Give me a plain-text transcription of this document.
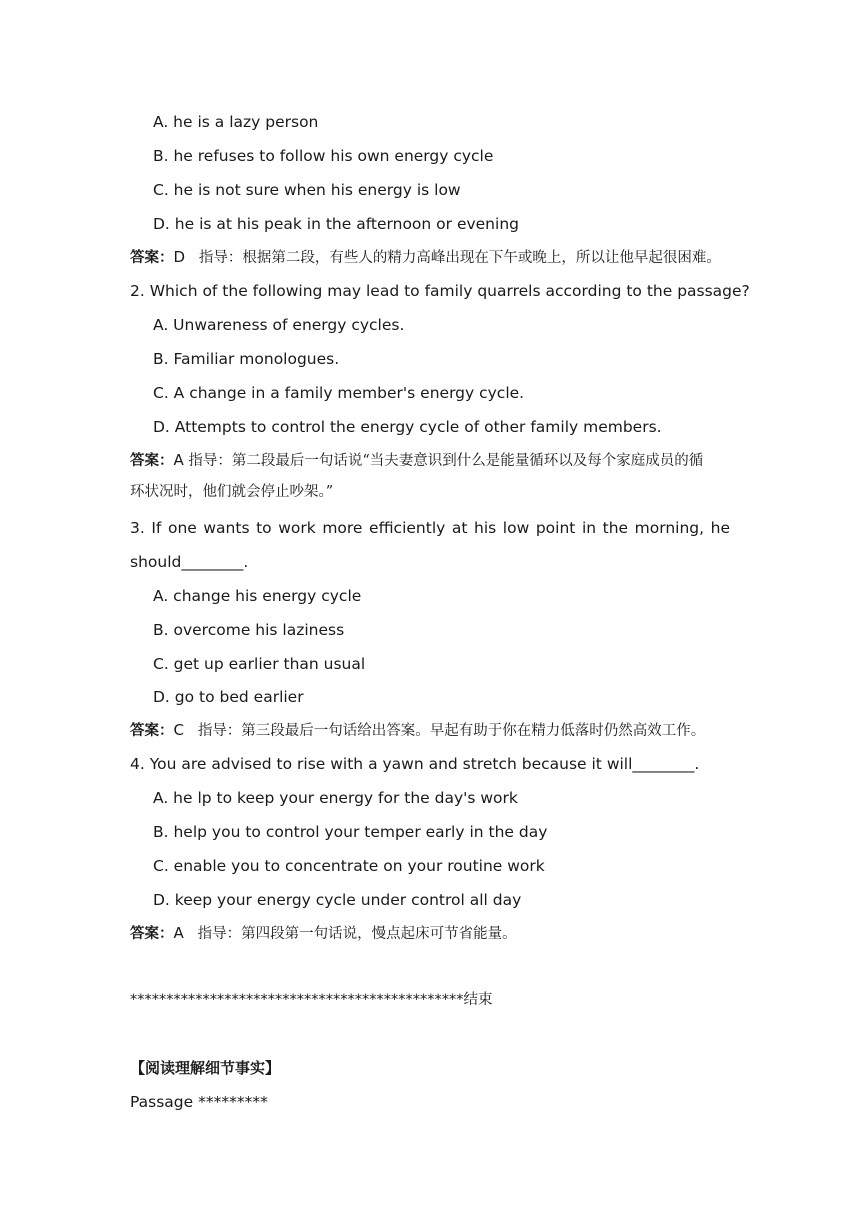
A. he is a lazy person
B. he refuses to follow his own energy cycle
C. he is not sure when his energy is low
D. he is at his peak in the afternoon or evening
答案：D 指导：根据第二段，有些人的精力高峰出现在下午或晚上，所以让他早起很困难。
2. Which of the following may lead to family quarrels according to the passage?
A. Unwareness of energy cycles.
B. Familiar monologues.
C. A change in a family member's energy cycle.
D. Attempts to control the energy cycle of other family members.
答案：A 指导：第二段最后一句话说“当夫妻意识到什么是能量循环以及每个家庭成员的循
环状况时，他们就会停止吵架。”
3. If one wants to work more efficiently at his low point in the morning, he
should________.
A. change his energy cycle
B. overcome his laziness
C. get up earlier than usual
D. go to bed earlier
答案：C 指导：第三段最后一句话给出答案。早起有助于你在精力低落时仍然高效工作。
4. You are advised to rise with a yawn and stretch because it will________.
A. he lp to keep your energy for the day's work
B. help you to control your temper early in the day
C. enable you to concentrate on your routine work
D. keep your energy cycle under control all day
答案：A 指导：第四段第一句话说，慢点起床可节省能量。
**********************************************结束
【阅读理解细节事实】
Passage *********
